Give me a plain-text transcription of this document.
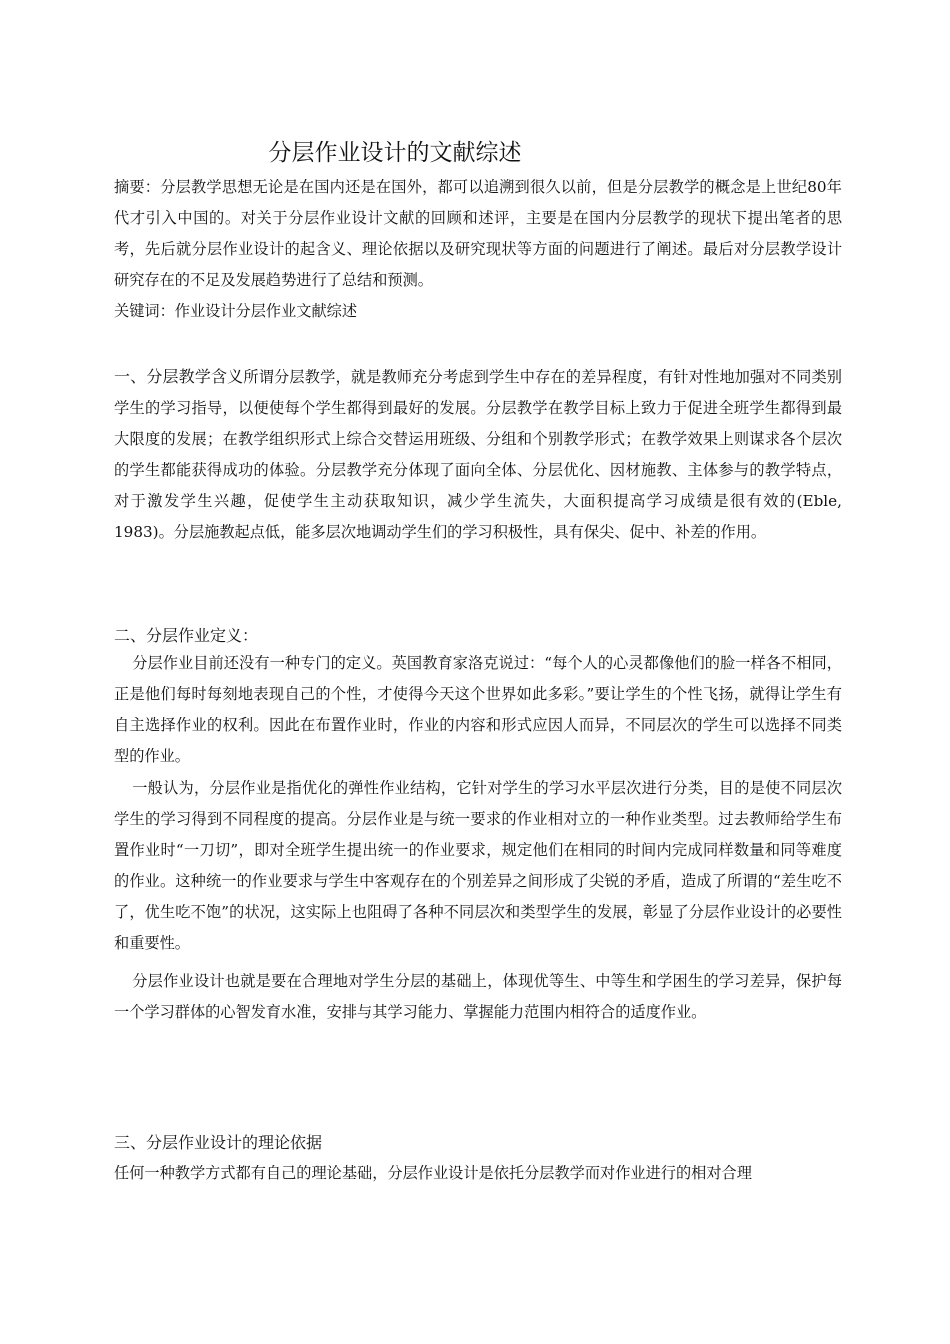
分层作业设计的文献综述

摘要：分层教学思想无论是在国内还是在国外，都可以追溯到很久以前，但是分层教学的概念是上世纪80年代才引入中国的。对关于分层作业设计文献的回顾和述评，主要是在国内分层教学的现状下提出笔者的思考，先后就分层作业设计的起含义、理论依据以及研究现状等方面的问题进行了阐述。最后对分层教学设计研究存在的不足及发展趋势进行了总结和预测。

关键词：作业设计分层作业文献综述

一、分层教学含义所谓分层教学，就是教师充分考虑到学生中存在的差异程度，有针对性地加强对不同类别学生的学习指导，以便使每个学生都得到最好的发展。分层教学在教学目标上致力于促进全班学生都得到最大限度的发展；在教学组织形式上综合交替运用班级、分组和个别教学形式；在教学效果上则谋求各个层次的学生都能获得成功的体验。分层教学充分体现了面向全体、分层优化、因材施教、主体参与的教学特点，对于激发学生兴趣，促使学生主动获取知识，减少学生流失，大面积提高学习成绩是很有效的(Eble, 1983)。分层施教起点低，能多层次地调动学生们的学习积极性，具有保尖、促中、补差的作用。

二、分层作业定义：

分层作业目前还没有一种专门的定义。英国教育家洛克说过：“每个人的心灵都像他们的脸一样各不相同，正是他们每时每刻地表现自己的个性，才使得今天这个世界如此多彩。”要让学生的个性飞扬，就得让学生有自主选择作业的权利。因此在布置作业时，作业的内容和形式应因人而异，不同层次的学生可以选择不同类型的作业。

一般认为，分层作业是指优化的弹性作业结构，它针对学生的学习水平层次进行分类，目的是使不同层次学生的学习得到不同程度的提高。分层作业是与统一要求的作业相对立的一种作业类型。过去教师给学生布置作业时“一刀切”，即对全班学生提出统一的作业要求，规定他们在相同的时间内完成同样数量和同等难度的作业。这种统一的作业要求与学生中客观存在的个别差异之间形成了尖锐的矛盾，造成了所谓的“差生吃不了，优生吃不饱”的状况，这实际上也阻碍了各种不同层次和类型学生的发展，彰显了分层作业设计的必要性和重要性。

分层作业设计也就是要在合理地对学生分层的基础上，体现优等生、中等生和学困生的学习差异，保护每一个学习群体的心智发育水准，安排与其学习能力、掌握能力范围内相符合的适度作业。

三、分层作业设计的理论依据

任何一种教学方式都有自己的理论基础，分层作业设计是依托分层教学而对作业进行的相对合理
